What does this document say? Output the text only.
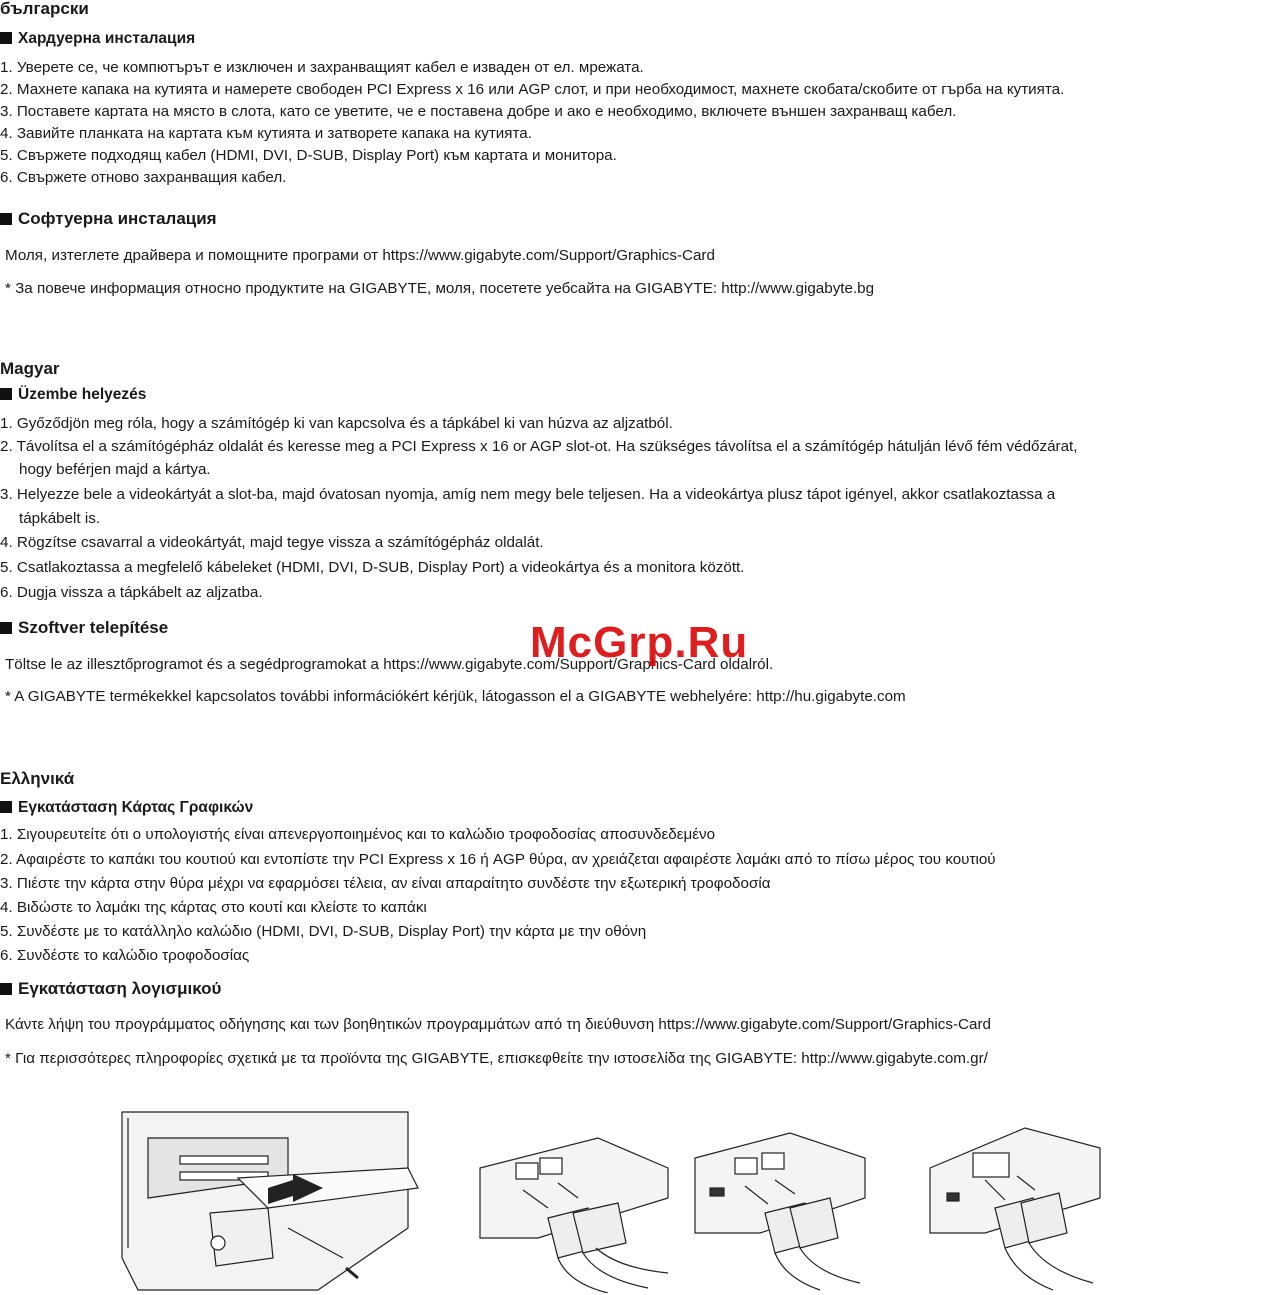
български
Хардуерна инсталация
1. Уверете се, че компютърът е изключен и захранващият кабел е изваден от ел. мрежата.
2. Махнете капака на кутията и намерете свободен PCI Express x 16 или AGP слот, и при необходимост, махнете скобата/скобите от гърба на кутията.
3. Поставете картата на място в слота, като се уветите, че е поставена добре и ако е необходимо, включете външен захранващ кабел.
4. Завийте планката на картата към кутията и затворете капака на кутията.
5. Свържете подходящ кабел (HDMI, DVI, D-SUB, Display Port) към картата и монитора.
6. Свържете отново захранващия кабел.
Софтуерна инсталация
Моля, изтеглете драйвера и помощните програми от https://www.gigabyte.com/Support/Graphics-Card
* За повече информация относно продуктите на GIGABYTE, моля, посетете уебсайта на GIGABYTE: http://www.gigabyte.bg
Magyar
Üzembe helyezés
1. Győződjön meg róla, hogy a számítógép ki van kapcsolva és a tápkábel ki van húzva az aljzatból.
2. Távolítsa el a számítógépház oldalát és keresse meg a PCI Express x 16 or AGP slot-ot. Ha szükséges távolítsa el a számítógép hátulján lévő fém védőzárat,
hogy beférjen majd a kártya.
3. Helyezze bele a videokártyát a slot-ba, majd óvatosan nyomja, amíg nem megy bele teljesen. Ha a videokártya plusz tápot igényel, akkor csatlakoztassa a
tápkábelt is.
4. Rögzítse csavarral a videokártyát, majd tegye vissza a számítógépház oldalát.
5. Csatlakoztassa a megfelelő kábeleket (HDMI, DVI, D-SUB, Display Port) a videokártya és a monitora között.
6. Dugja vissza a tápkábelt az aljzatba.
Szoftver telepítése
Töltse le az illesztőprogramot és a segédprogramokat a https://www.gigabyte.com/Support/Graphics-Card oldalról.
* A GIGABYTE termékekkel kapcsolatos további információkért kérjük, látogasson el a GIGABYTE webhelyére: http://hu.gigabyte.com
Ελληνικά
Εγκατάσταση Κάρτας Γραφικών
1. Σιγουρευτείτε ότι ο υπολογιστής είναι απενεργοποιημένος και το καλώδιο τροφοδοσίας αποσυνδεδεμένο
2. Αφαιρέστε το καπάκι του κουτιού και εντοπίστε την PCI Express x 16 ή AGP θύρα, αν χρειάζεται αφαιρέστε λαμάκι από το πίσω μέρος του κουτιού
3. Πιέστε την κάρτα στην θύρα μέχρι να εφαρμόσει τέλεια, αν είναι απαραίτητο συνδέστε την εξωτερική τροφοδοσία
4. Βιδώστε το λαμάκι της κάρτας στο κουτί και κλείστε το καπάκι
5. Συνδέστε με το κατάλληλο καλώδιο (HDMI, DVI, D-SUB, Display Port) την κάρτα με την οθόνη
6. Συνδέστε το καλώδιο τροφοδοσίας
Εγκατάσταση λογισμικού
Κάντε λήψη του προγράμματος οδήγησης και των βοηθητικών προγραμμάτων από τη διεύθυνση https://www.gigabyte.com/Support/Graphics-Card
* Για περισσότερες πληροφορίες σχετικά με τα προϊόντα της GIGABYTE, επισκεφθείτε την ιστοσελίδα της GIGABYTE: http://www.gigabyte.com.gr/
McGrp.Ru
